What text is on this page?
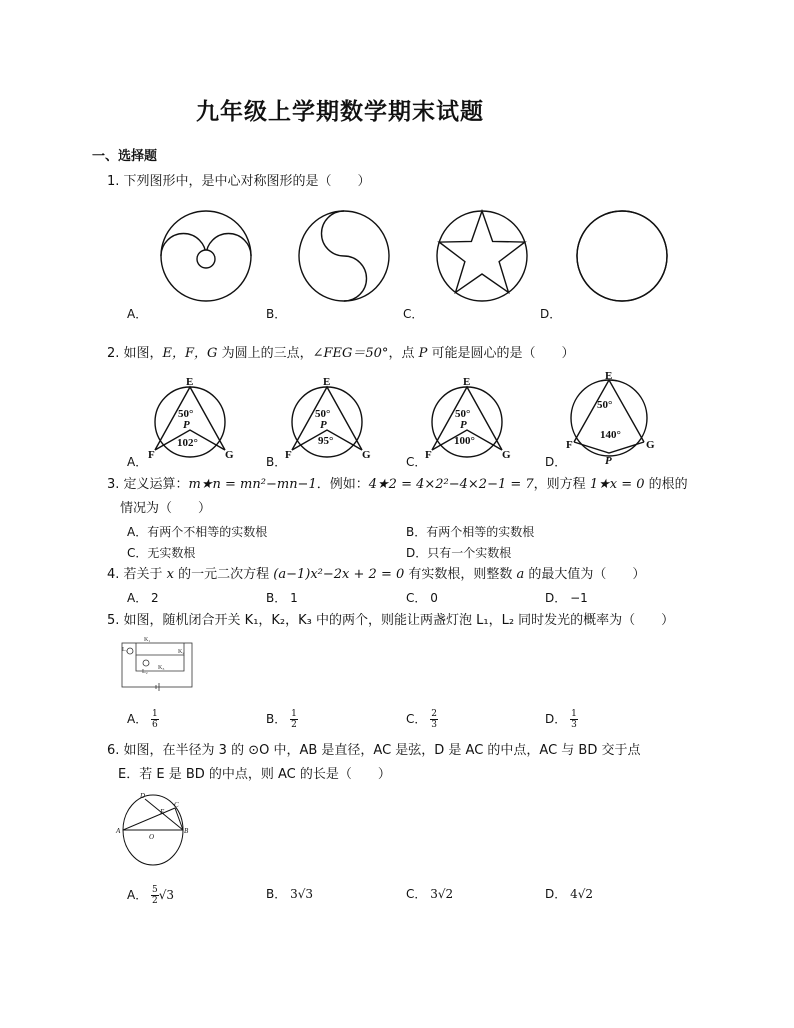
九年级上学期数学期末试题
一、选择题
1. 下列图形中，是中心对称图形的是（　　）
A．	B．	C．	D．
2. 如图，E，F，G 为圆上的三点，∠FEG＝50°，点 P 可能是圆心的是（　　）
E
50°
P
102°
F	G
E
50°
P
95°
F	G
E
50°
P
100°
F	G
E
50°
140°
F	G
P
A．	B．	C．	D．
3. 定义运算：m★n = mn²−mn−1．例如：4★2 = 4×2²−4×2−1 = 7，则方程 1★x = 0 的根的
情况为（　　）
A．有两个不相等的实数根	B．有两个相等的实数根
C．无实数根	D．只有一个实数根
4. 若关于 x 的一元二次方程 (a−1)x²−2x + 2 = 0 有实数根，则整数 a 的最大值为（　　）
A． 2	B． 1	C． 0	D． −1
5. 如图，随机闭合开关 K₁，K₂，K₃ 中的两个，则能让两盏灯泡 L₁，L₂ 同时发光的概率为（　　）
K₁
L₁	K₂
L₂
K₃
A． $\frac{1}{6}$	B． $\frac{1}{2}$	C． $\frac{2}{3}$	D． $\frac{1}{3}$
6. 如图，在半径为 3 的 ⊙O 中，AB 是直径，AC 是弦，D 是 AC 的中点，AC 与 BD 交于点
E．若 E 是 BD 的中点，则 AC 的长是（　　）
D
C
E
A	B
O
A． $\frac{5}{2} √3$	B． 3√3	C． 3√2	D． 4√2
